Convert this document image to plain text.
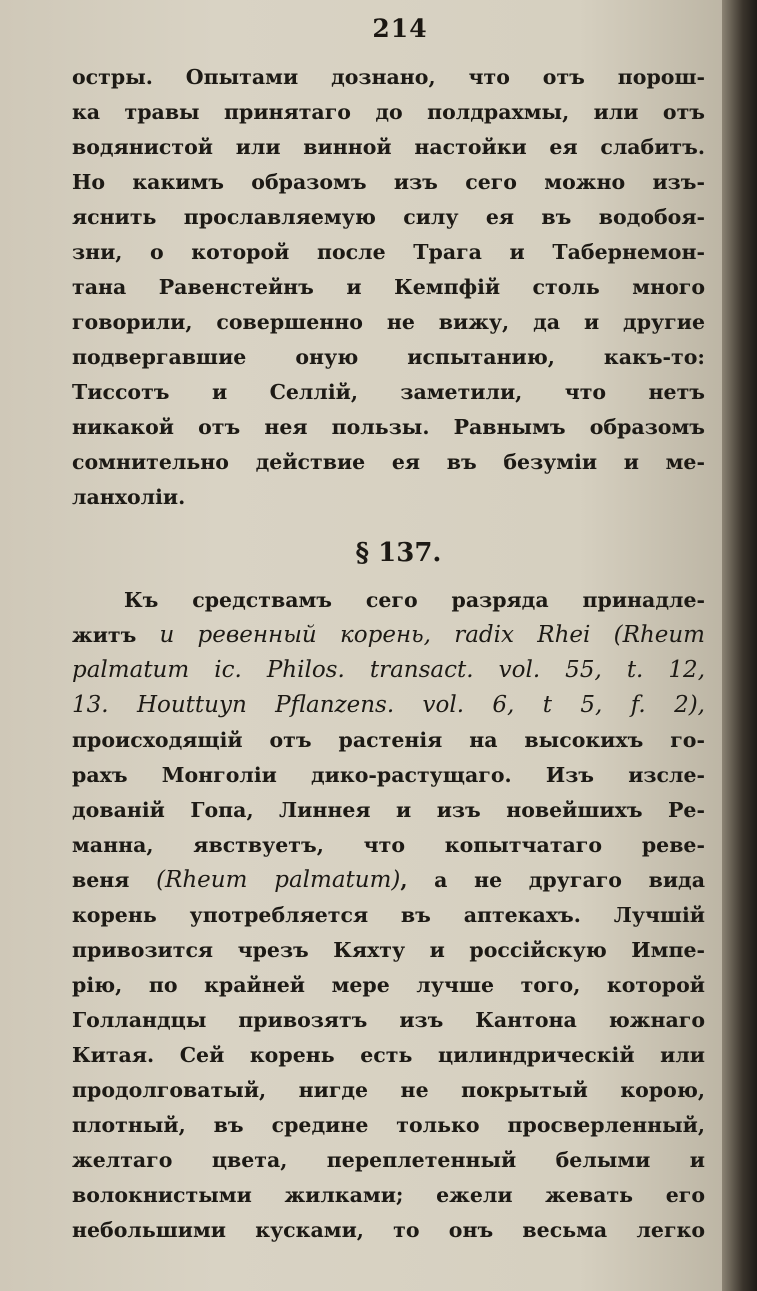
214
остры. Опытами дознано, что отъ порош-
ка травы принятаго до полдрахмы, или отъ
водянистой или винной настойки ея слабитъ.
Но какимъ образомъ изъ сего можно изъ-
яснить прославляемую силу ея въ водобоя-
зни, о которой после Трага и Табернемон-
тана Равенстейнъ и Кемпфій столь много
говорили, совершенно не вижу, да и другие
подвергавшие оную испытанию, какъ-то:
Тиссотъ и Селлій, заметили, что нетъ
никакой отъ нея пользы. Равнымъ образомъ
сомнительно действие ея въ безуміи и ме-
ланхоліи.
§ 137.
Къ средствамъ сего разряда принадле-
житъ и ревенный корень, radix Rhei (Rheum
palmatum ic. Philos. transact. vol. 55, t. 12,
13. Houttuyn Pflanzens. vol. 6, t 5, f. 2),
происходящій отъ растенія на высокихъ го-
рахъ Монголіи дико-растущаго. Изъ изсле-
дованій Гопа, Линнея и изъ новейшихъ Ре-
манна, явствуетъ, что копытчатаго реве-
веня (Rheum palmatum), а не другаго вида
корень употребляется въ аптекахъ. Лучшій
привозится чрезъ Кяхту и россійскую Импе-
рію, по крайней мере лучше того, которой
Голландцы привозятъ изъ Кантона южнаго
Китая. Сей корень есть цилиндрическій или
продолговатый, нигде не покрытый корою,
плотный, въ средине только просверленный,
желтаго цвета, переплетенный белыми и
волокнистыми жилками; ежели жевать его
небольшими кусками, то онъ весьма легко
